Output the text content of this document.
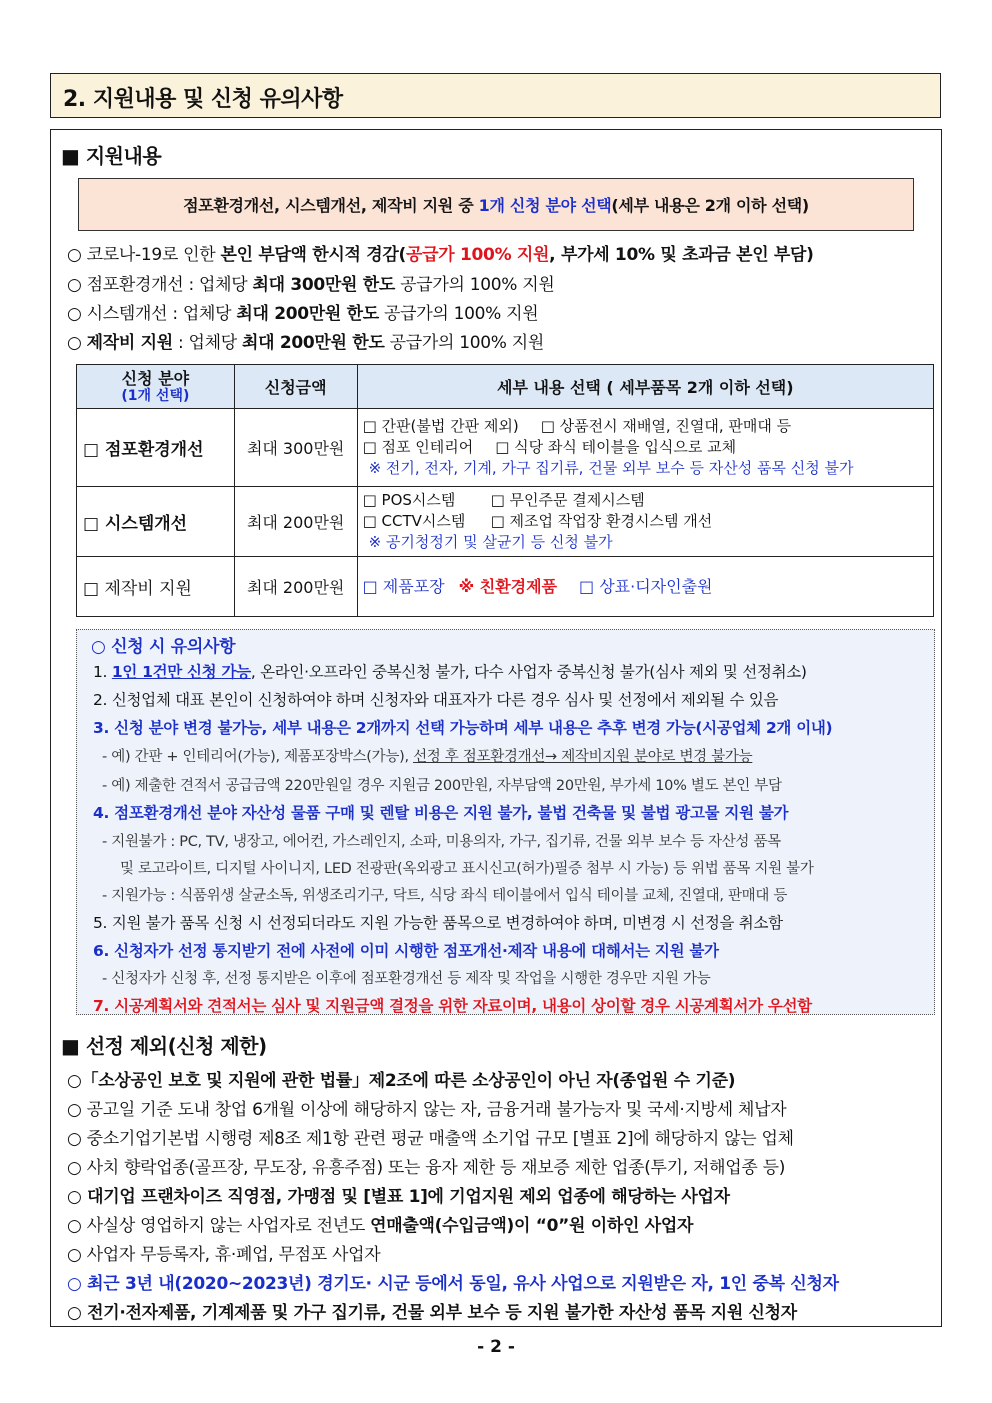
2. 지원내용 및 신청 유의사항
■ 지원내용
점포환경개선, 시스템개선, 제작비 지원 중 1개 신청 분야 선택(세부 내용은 2개 이하 선택)
○ 코로나-19로 인한 본인 부담액 한시적 경감(공급가 100% 지원, 부가세 10% 및 초과금 본인 부담)
○ 점포환경개선 : 업체당 최대 300만원 한도 공급가의 100% 지원
○ 시스템개선 : 업체당 최대 200만원 한도 공급가의 100% 지원
○ 제작비 지원 : 업체당 최대 200만원 한도 공급가의 100% 지원
신청 분야
(1개 선택)	신청금액	세부 내용 선택 ( 세부품목 2개 이하 선택)
□ 점포환경개선	최대 300만원	□ 간판(불법 간판 제외) □ 상품전시 재배열, 진열대, 판매대 등
□ 점포 인테리어 □ 식당 좌식 테이블을 입식으로 교체
※ 전기, 전자, 기계, 가구 집기류, 건물 외부 보수 등 자산성 품목 신청 불가

□ 시스템개선	최대 200만원	□ POS시스템 □ 무인주문 결제시스템
□ CCTV시스템 □ 제조업 작업장 환경시스템 개선
※ 공기청정기 및 살균기 등 신청 불가

□ 제작비 지원	최대 200만원	□ 제품포장 ※ 친환경제품 □ 상표·디자인출원
○ 신청 시 유의사항
1. 1인 1건만 신청 가능, 온라인·오프라인 중복신청 불가, 다수 사업자 중복신청 불가(심사 제외 및 선정취소)
2. 신청업체 대표 본인이 신청하여야 하며 신청자와 대표자가 다른 경우 심사 및 선정에서 제외될 수 있음
3. 신청 분야 변경 불가능, 세부 내용은 2개까지 선택 가능하며 세부 내용은 추후 변경 가능(시공업체 2개 이내)
- 예) 간판 + 인테리어(가능), 제품포장박스(가능), 선정 후 점포환경개선→ 제작비지원 분야로 변경 불가능
- 예) 제출한 견적서 공급금액 220만원일 경우 지원금 200만원, 자부담액 20만원, 부가세 10% 별도 본인 부담
4. 점포환경개선 분야 자산성 물품 구매 및 렌탈 비용은 지원 불가, 불법 건축물 및 불법 광고물 지원 불가
- 지원불가 : PC, TV, 냉장고, 에어컨, 가스레인지, 소파, 미용의자, 가구, 집기류, 건물 외부 보수 등 자산성 품목
및 로고라이트, 디지털 사이니지, LED 전광판(옥외광고 표시신고(허가)필증 첨부 시 가능) 등 위법 품목 지원 불가
- 지원가능 : 식품위생 살균소독, 위생조리기구, 닥트, 식당 좌식 테이블에서 입식 테이블 교체, 진열대, 판매대 등
5. 지원 불가 품목 신청 시 선정되더라도 지원 가능한 품목으로 변경하여야 하며, 미변경 시 선정을 취소함
6. 신청자가 선정 통지받기 전에 사전에 이미 시행한 점포개선·제작 내용에 대해서는 지원 불가
- 신청자가 신청 후, 선정 통지받은 이후에 점포환경개선 등 제작 및 작업을 시행한 경우만 지원 가능
7. 시공계획서와 견적서는 심사 및 지원금액 결정을 위한 자료이며, 내용이 상이할 경우 시공계획서가 우선함
■ 선정 제외(신청 제한)
○「소상공인 보호 및 지원에 관한 법률」제2조에 따른 소상공인이 아닌 자(종업원 수 기준)
○ 공고일 기준 도내 창업 6개월 이상에 해당하지 않는 자, 금융거래 불가능자 및 국세·지방세 체납자
○ 중소기업기본법 시행령 제8조 제1항 관련 평균 매출액 소기업 규모 [별표 2]에 해당하지 않는 업체
○ 사치 향락업종(골프장, 무도장, 유흥주점) 또는 융자 제한 등 재보증 제한 업종(투기, 저해업종 등)
○ 대기업 프랜차이즈 직영점, 가맹점 및 [별표 1]에 기업지원 제외 업종에 해당하는 사업자
○ 사실상 영업하지 않는 사업자로 전년도 연매출액(수입금액)이 “0”원 이하인 사업자
○ 사업자 무등록자, 휴·폐업, 무점포 사업자
○ 최근 3년 내(2020~2023년) 경기도· 시군 등에서 동일, 유사 사업으로 지원받은 자, 1인 중복 신청자
○ 전기·전자제품, 기계제품 및 가구 집기류, 건물 외부 보수 등 지원 불가한 자산성 품목 지원 신청자
- 2 -
